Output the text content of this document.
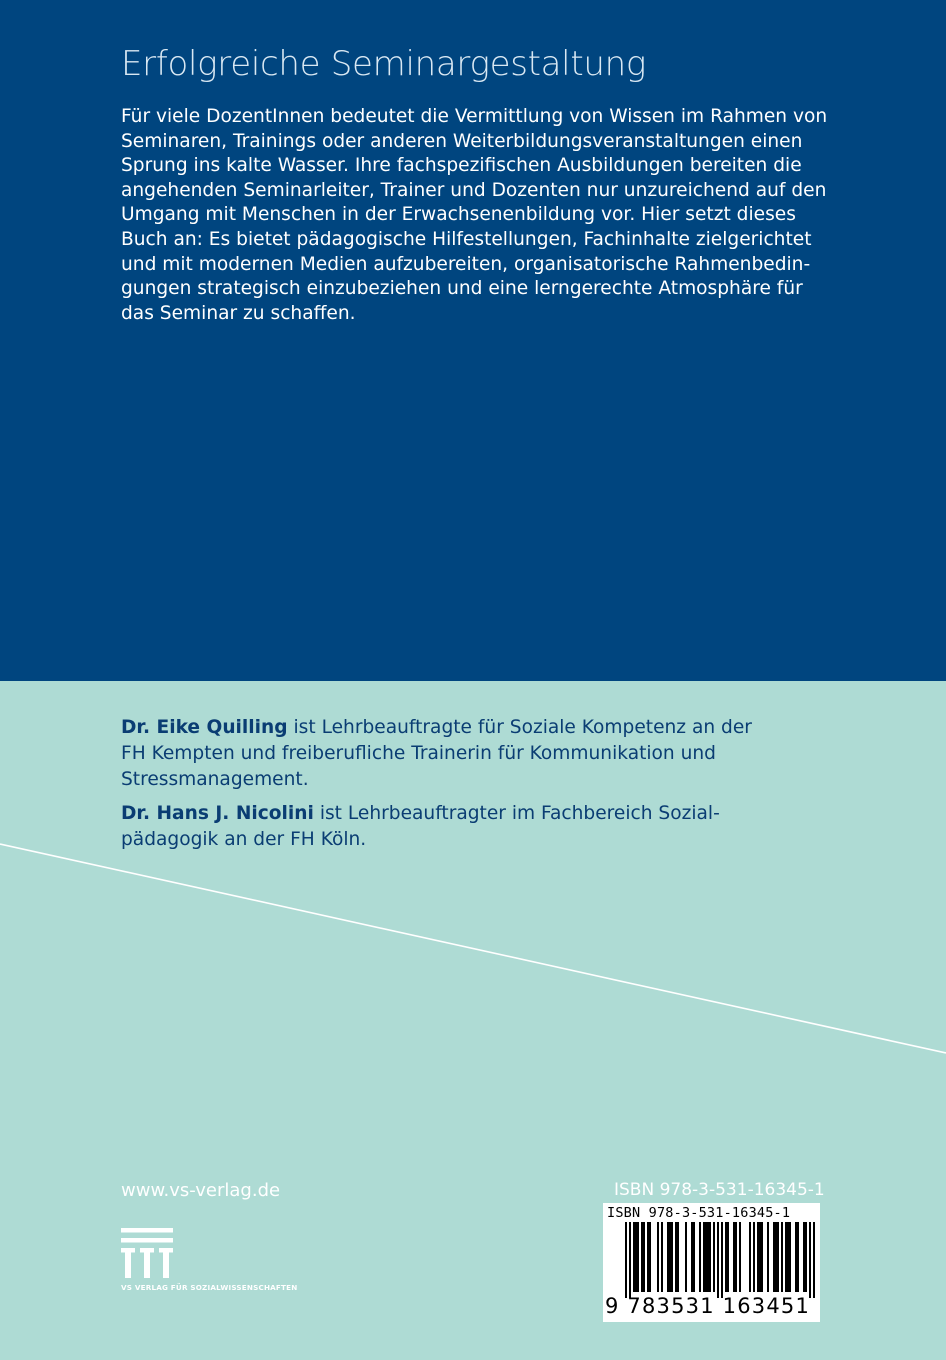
Erfolgreiche Seminargestaltung
Für viele DozentInnen bedeutet die Vermittlung von Wissen im Rahmen von
Seminaren, Trainings oder anderen Weiterbildungsveranstaltungen einen
Sprung ins kalte Wasser. Ihre fachspezifischen Ausbildungen bereiten die
angehenden Seminarleiter, Trainer und Dozenten nur unzureichend auf den
Umgang mit Menschen in der Erwachsenenbildung vor. Hier setzt dieses
Buch an: Es bietet pädagogische Hilfestellungen, Fachinhalte zielgerichtet
und mit modernen Medien aufzubereiten, organisatorische Rahmenbedin-
gungen strategisch einzubeziehen und eine lerngerechte Atmosphäre für
das Seminar zu schaffen.

Dr. Eike Quilling ist Lehrbeauftragte für Soziale Kompetenz an der
FH Kempten und freiberufliche Trainerin für Kommunikation und
Stressmanagement.

Dr. Hans J. Nicolini ist Lehrbeauftragter im Fachbereich Sozial-
pädagogik an der FH Köln.

www.vs-verlag.de
VS VERLAG FÜR SOZIALWISSENSCHAFTEN
ISBN 978-3-531-16345-1
ISBN 978-3-531-16345-1
9 783531 163451
